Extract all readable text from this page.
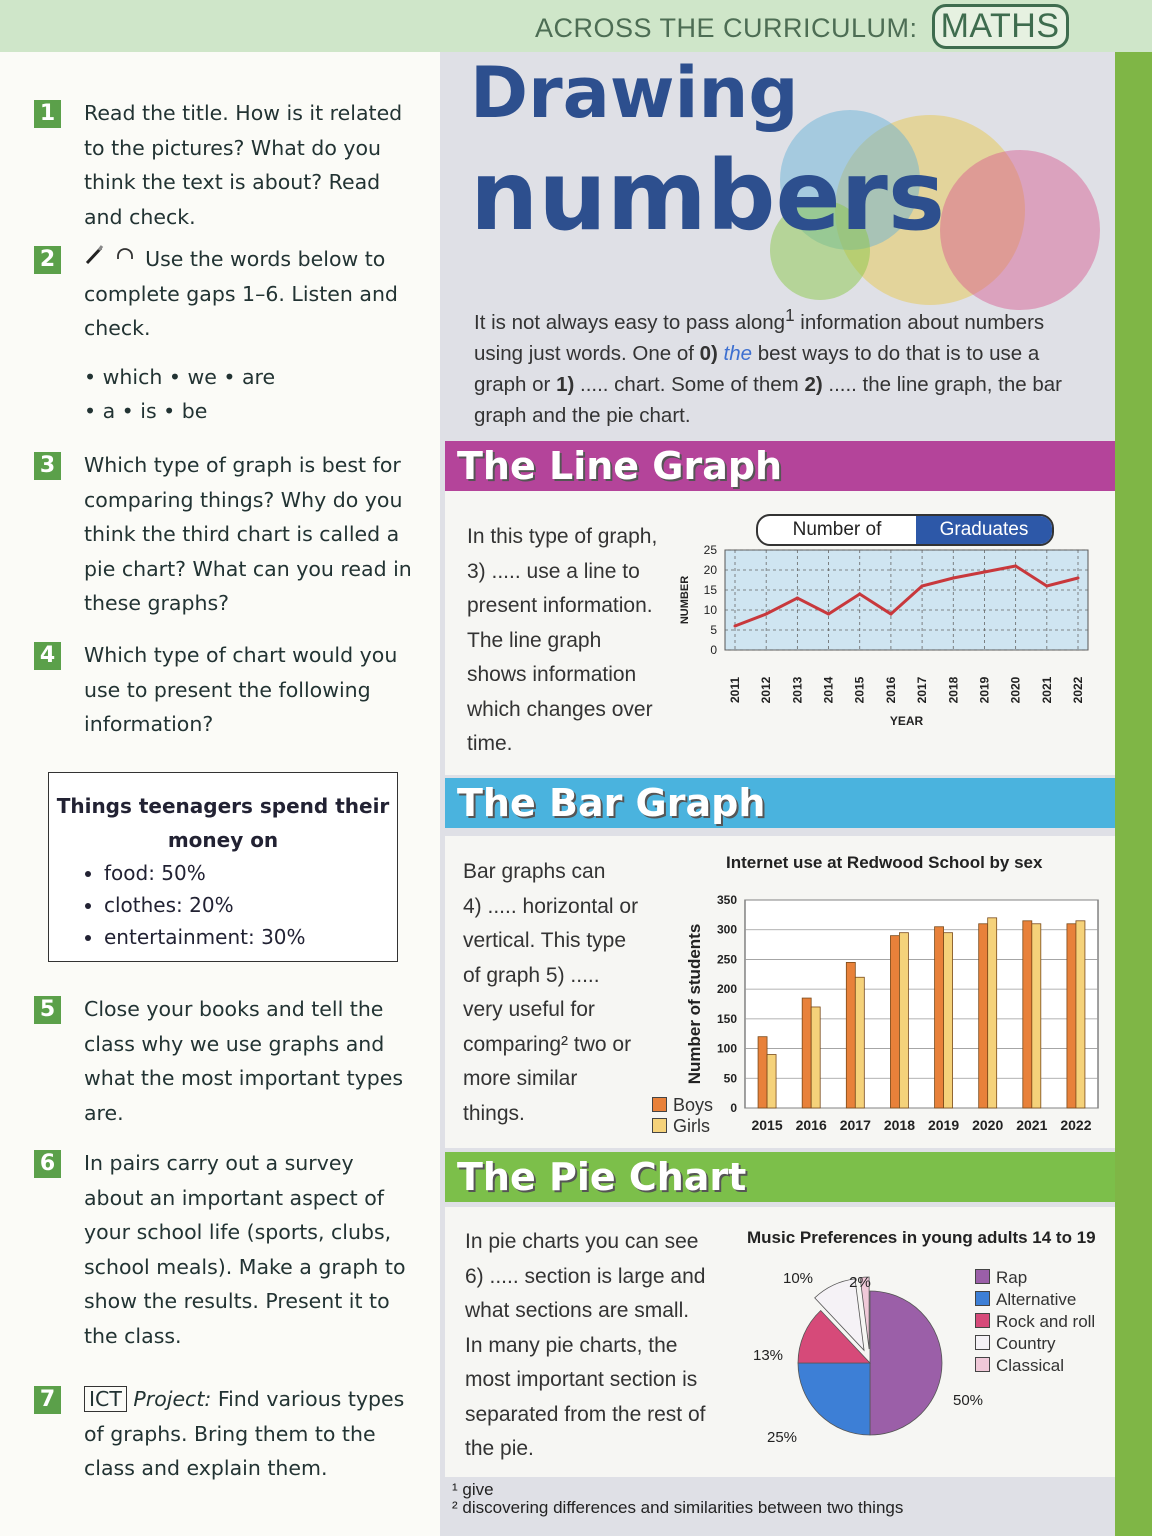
ACROSS THE CURRICULUM: MATHS
1 Read the title. How is it related to the pictures? What do you think the text is about? Read and check.
2	Use the words below to complete gaps 1–6. Listen and check.
• which • we • are
• a • is • be
3 Which type of graph is best for comparing things? Why do you think the third chart is called a pie chart? What can you read in these graphs?
4 Which type of chart would you use to present the following information?
Things teenagers spend their money on
• food: 50%
• clothes: 20%
• entertainment: 30%
5 Close your books and tell the class why we use graphs and what the most important types are.
6 In pairs carry out a survey about an important aspect of your school life (sports, clubs, school meals). Make a graph to show the results. Present it to the class.
7 ICT Project: Find various types of graphs. Bring them to the class and explain them.
Drawing
numbers
It is not always easy to pass along$^1$ information about numbers using just words. One of 0) the best ways to do that is to use a graph or 1) ..... chart. Some of them 2) ..... the line graph, the bar graph and the pie chart.
The Line Graph
In this type of graph,
3) ..... use a line to
present information.
The line graph
shows information
which changes over
time.
Number of	Graduates
0
5
10
15
20
25
2011 2012 2013 2014 2015 2016 2017 2018 2019 2020 2021 2022
YEAR
NUMBER
The Bar Graph
Bar graphs can
4) ..... horizontal or
vertical. This type
of graph 5) .....
very useful for
comparing² two or
more similar
things.
Internet use at Redwood School by sex
Boys
Girls
0
50
100
150
200
250
300
350
2015 2016 2017 2018 2019 2020 2021 2022
Number of students
The Pie Chart
In pie charts you can see
6) ..... section is large and
what sections are small.
In many pie charts, the
most important section is
separated from the rest of
the pie.
Music Preferences in young adults 14 to 19
50%
25%
13%
10% 2%	Rap
Alternative
Rock and roll
Country
Classical
¹ give
² discovering differences and similarities between two things
